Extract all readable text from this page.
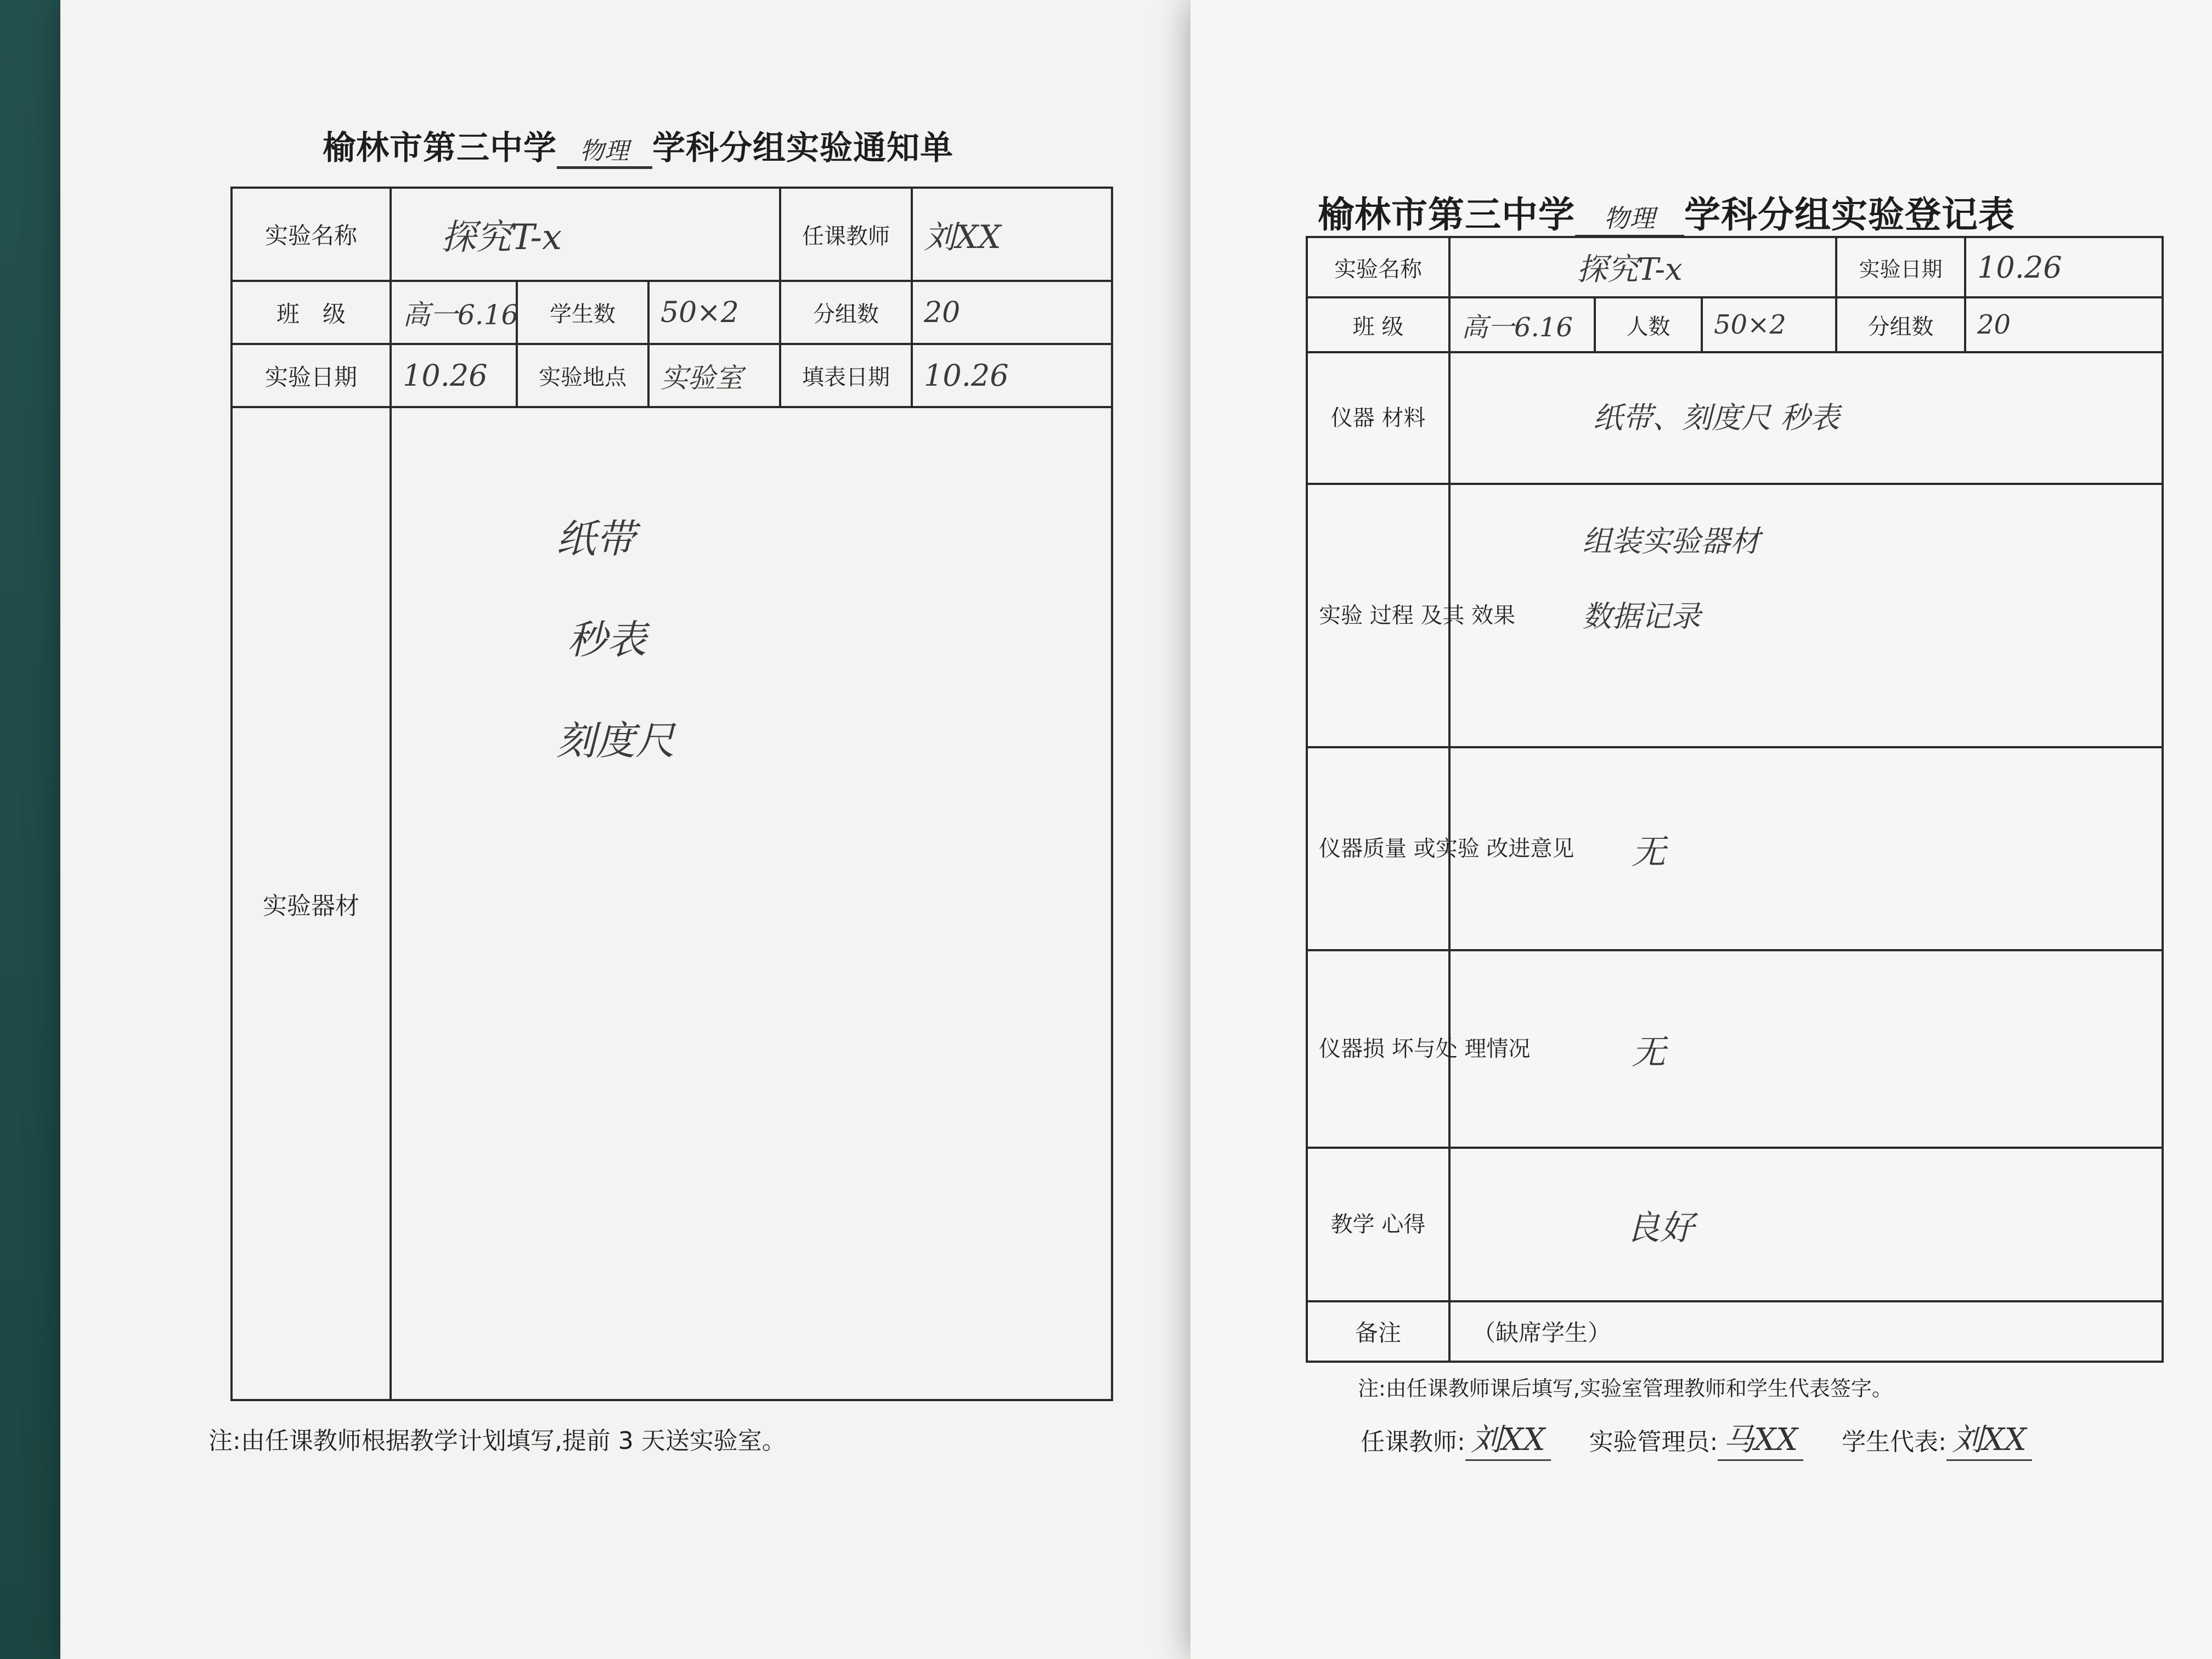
榆林市第三中学 物理 学科分组实验通知单
实验名称	探究T-x			任课教师	刘XX
班　级	高一6.16	学生数	50×2	分组数	20
实验日期	10.26	实验地点	实验室	填表日期	10.26
实验器材	纸带
秒表
刻度尺				
注:由任课教师根据教学计划填写,提前 3 天送实验室。
榆林市第三中学 物理 学科分组实验登记表
实验名称	探究T-x			实验日期	10.26
班 级	高一6.16	人数	50×2	分组数	20
仪器 材料	纸带、刻度尺 秒表				
实验 过程 及其 效果	组装实验器材
数据记录				

仪器质量 或实验 改进意见	无				
仪器损 坏与处 理情况	无				
教学 心得	良好				
备注	（缺席学生）				
注:由任课教师课后填写,实验室管理教师和学生代表签字。
任课教师: 刘XX 实验管理员: 马XX 学生代表: 刘XX
